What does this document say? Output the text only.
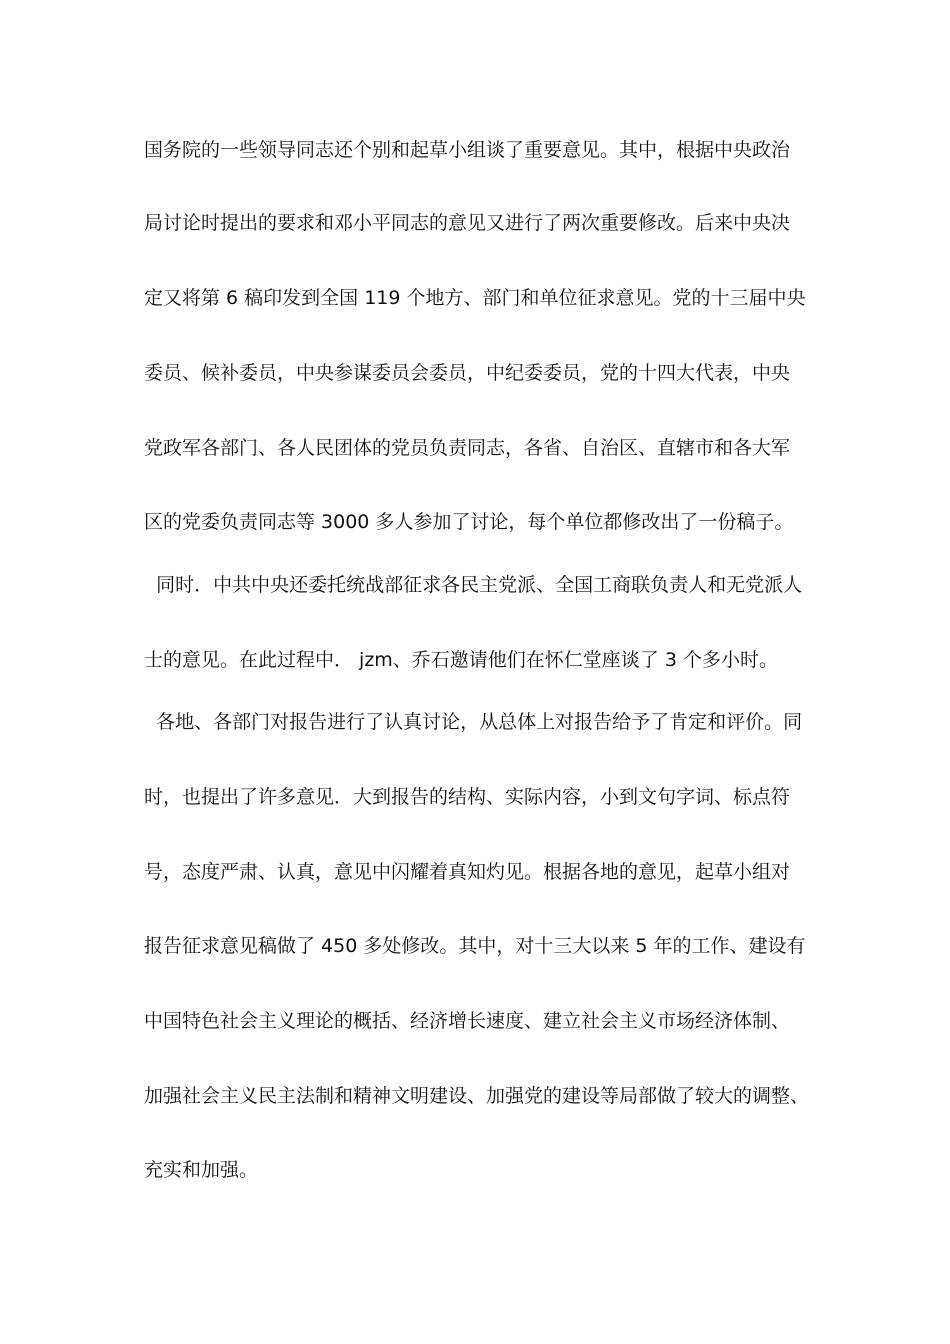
国务院的一些领导同志还个别和起草小组谈了重要意见。其中，根据中央政治
局讨论时提出的要求和邓小平同志的意见又进行了两次重要修改。后来中央决
定又将第 6 稿印发到全国 119 个地方、部门和单位征求意见。党的十三届中央
委员、候补委员，中央参谋委员会委员，中纪委委员，党的十四大代表，中央
党政军各部门、各人民团体的党员负责同志，各省、自治区、直辖市和各大军
区的党委负责同志等 3000 多人参加了讨论，每个单位都修改出了一份稿子。
同时．中共中央还委托统战部征求各民主党派、全国工商联负责人和无党派人
士的意见。在此过程中． jzm、乔石邀请他们在怀仁堂座谈了 3 个多小时。
各地、各部门对报告进行了认真讨论，从总体上对报告给予了肯定和评价。同
时，也提出了许多意见．大到报告的结构、实际内容，小到文句字词、标点符
号，态度严肃、认真，意见中闪耀着真知灼见。根据各地的意见，起草小组对
报告征求意见稿做了 450 多处修改。其中，对十三大以来 5 年的工作、建设有
中国特色社会主义理论的概括、经济增长速度、建立社会主义市场经济体制、
加强社会主义民主法制和精神文明建设、加强党的建设等局部做了较大的调整、
充实和加强。
